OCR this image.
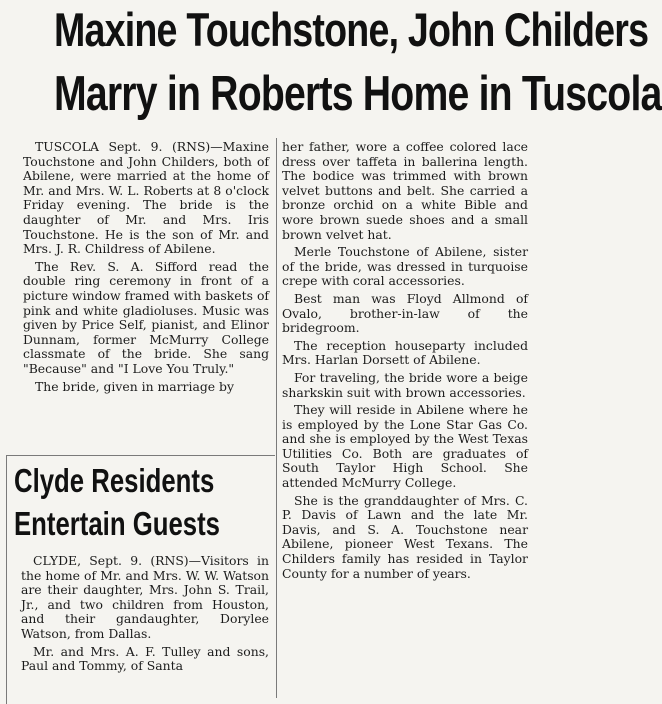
Maxine Touchstone, John Childers
Marry in Roberts Home in Tuscola

TUSCOLA Sept. 9. (RNS)—Maxine Touchstone and John Childers, both of Abilene, were married at the home of Mr. and Mrs. W. L. Roberts at 8 o'clock Friday evening. The bride is the daughter of Mr. and Mrs. Iris Touchstone. He is the son of Mr. and Mrs. J. R. Childress of Abilene.

The Rev. S. A. Sifford read the double ring ceremony in front of a picture window framed with baskets of pink and white gladioluses. Music was given by Price Self, pianist, and Elinor Dunnam, former McMurry College classmate of the bride. She sang "Because" and "I Love You Truly."

The bride, given in marriage by

her father, wore a coffee colored lace dress over taffeta in ballerina length. The bodice was trimmed with brown velvet buttons and belt. She carried a bronze orchid on a white Bible and wore brown suede shoes and a small brown velvet hat.

Merle Touchstone of Abilene, sister of the bride, was dressed in turquoise crepe with coral accessories.

Best man was Floyd Allmond of Ovalo, brother-in-law of the bridegroom.

The reception houseparty included Mrs. Harlan Dorsett of Abilene.

For traveling, the bride wore a beige sharkskin suit with brown accessories.

They will reside in Abilene where he is employed by the Lone Star Gas Co. and she is employed by the West Texas Utilities Co. Both are graduates of South Taylor High School. She attended McMurry College.

She is the granddaughter of Mrs. C. P. Davis of Lawn and the late Mr. Davis, and S. A. Touchstone near Abilene, pioneer West Texans. The Childers family has resided in Taylor County for a number of years.

Clyde Residents
Entertain Guests

CLYDE, Sept. 9. (RNS)—Visitors in the home of Mr. and Mrs. W. W. Watson are their daughter, Mrs. John S. Trail, Jr., and two children from Houston, and their gandaughter, Dorylee Watson, from Dallas.

Mr. and Mrs. A. F. Tulley and sons, Paul and Tommy, of Santa
